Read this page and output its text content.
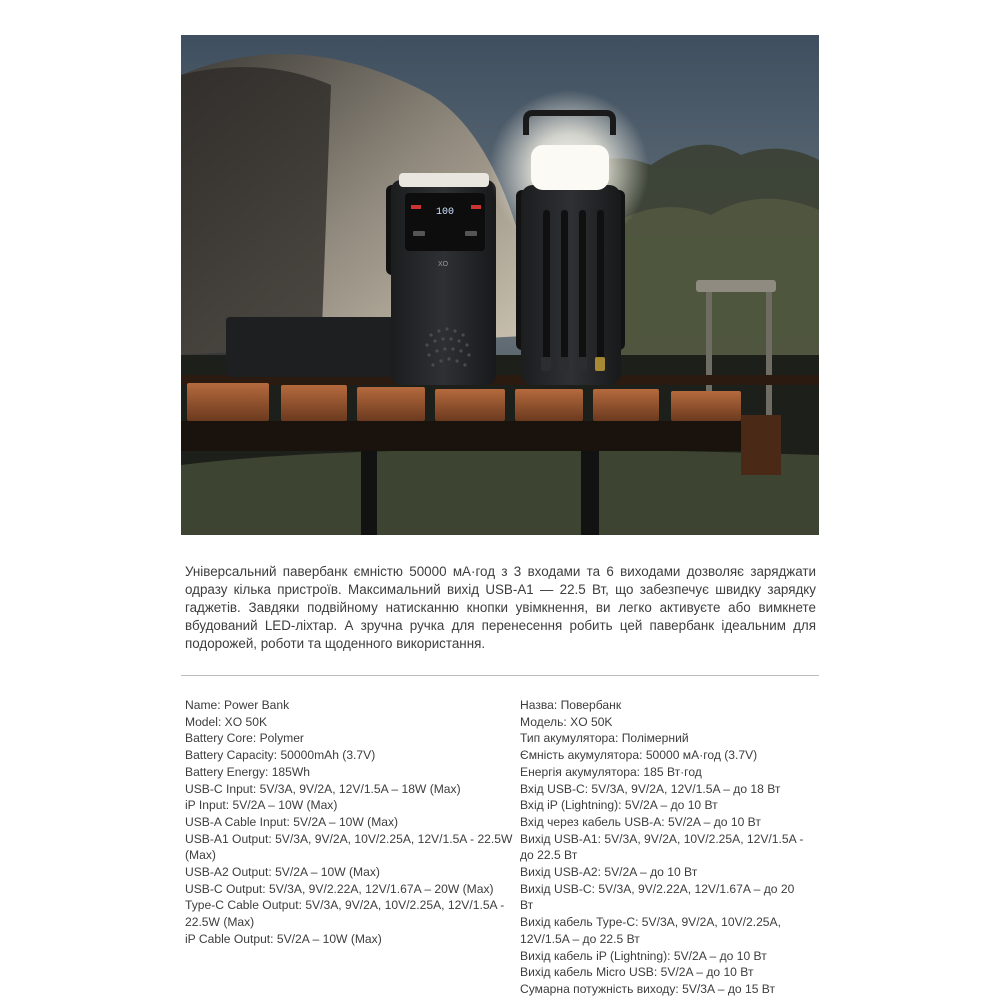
100
XO

Універсальний павербанк ємністю 50000 мА·год з 3 входами та 6 виходами дозволяє заряджати одразу кілька пристроїв. Максимальний вихід USB-A1 — 22.5 Вт, що забезпечує швидку зарядку гаджетів. Завдяки подвійному натисканню кнопки увімкнення, ви легко активуєте або вимкнете вбудований LED-ліхтар. А зручна ручка для перенесення робить цей павербанк ідеальним для подорожей, роботи та щоденного використання.

Name: Power Bank
Model: XO 50K
Battery Core: Polymer
Battery Capacity: 50000mAh (3.7V)
Battery Energy: 185Wh
USB-C Input: 5V/3A, 9V/2A, 12V/1.5A – 18W (Max)
iP Input: 5V/2A – 10W (Max)
USB-A Cable Input: 5V/2A – 10W (Max)
USB-A1 Output: 5V/3A, 9V/2A, 10V/2.25A, 12V/1.5A - 22.5W (Max)
USB-A2 Output: 5V/2A – 10W (Max)
USB-C Output: 5V/3A, 9V/2.22A, 12V/1.67A – 20W (Max)
Type-C Cable Output: 5V/3A, 9V/2A, 10V/2.25A, 12V/1.5A - 22.5W (Max)
iP Cable Output: 5V/2A – 10W (Max)
Назва: Повербанк
Модель: XO 50K
Тип акумулятора: Полімерний
Ємність акумулятора: 50000 мА·год (3.7V)
Енергія акумулятора: 185 Вт·год
Вхід USB-C: 5V/3A, 9V/2A, 12V/1.5A – до 18 Вт
Вхід iP (Lightning): 5V/2A – до 10 Вт
Вхід через кабель USB-A: 5V/2A – до 10 Вт
Вихід USB-A1: 5V/3A, 9V/2A, 10V/2.25A, 12V/1.5A - до 22.5 Вт
Вихід USB-A2: 5V/2A – до 10 Вт
Вихід USB-C: 5V/3A, 9V/2.22A, 12V/1.67A – до 20 Вт
Вихід кабель Type-C: 5V/3A, 9V/2A, 10V/2.25A, 12V/1.5A – до 22.5 Вт
Вихід кабель iP (Lightning): 5V/2A – до 10 Вт
Вихід кабель Micro USB: 5V/2A – до 10 Вт
Сумарна потужність виходу: 5V/3A – до 15 Вт
